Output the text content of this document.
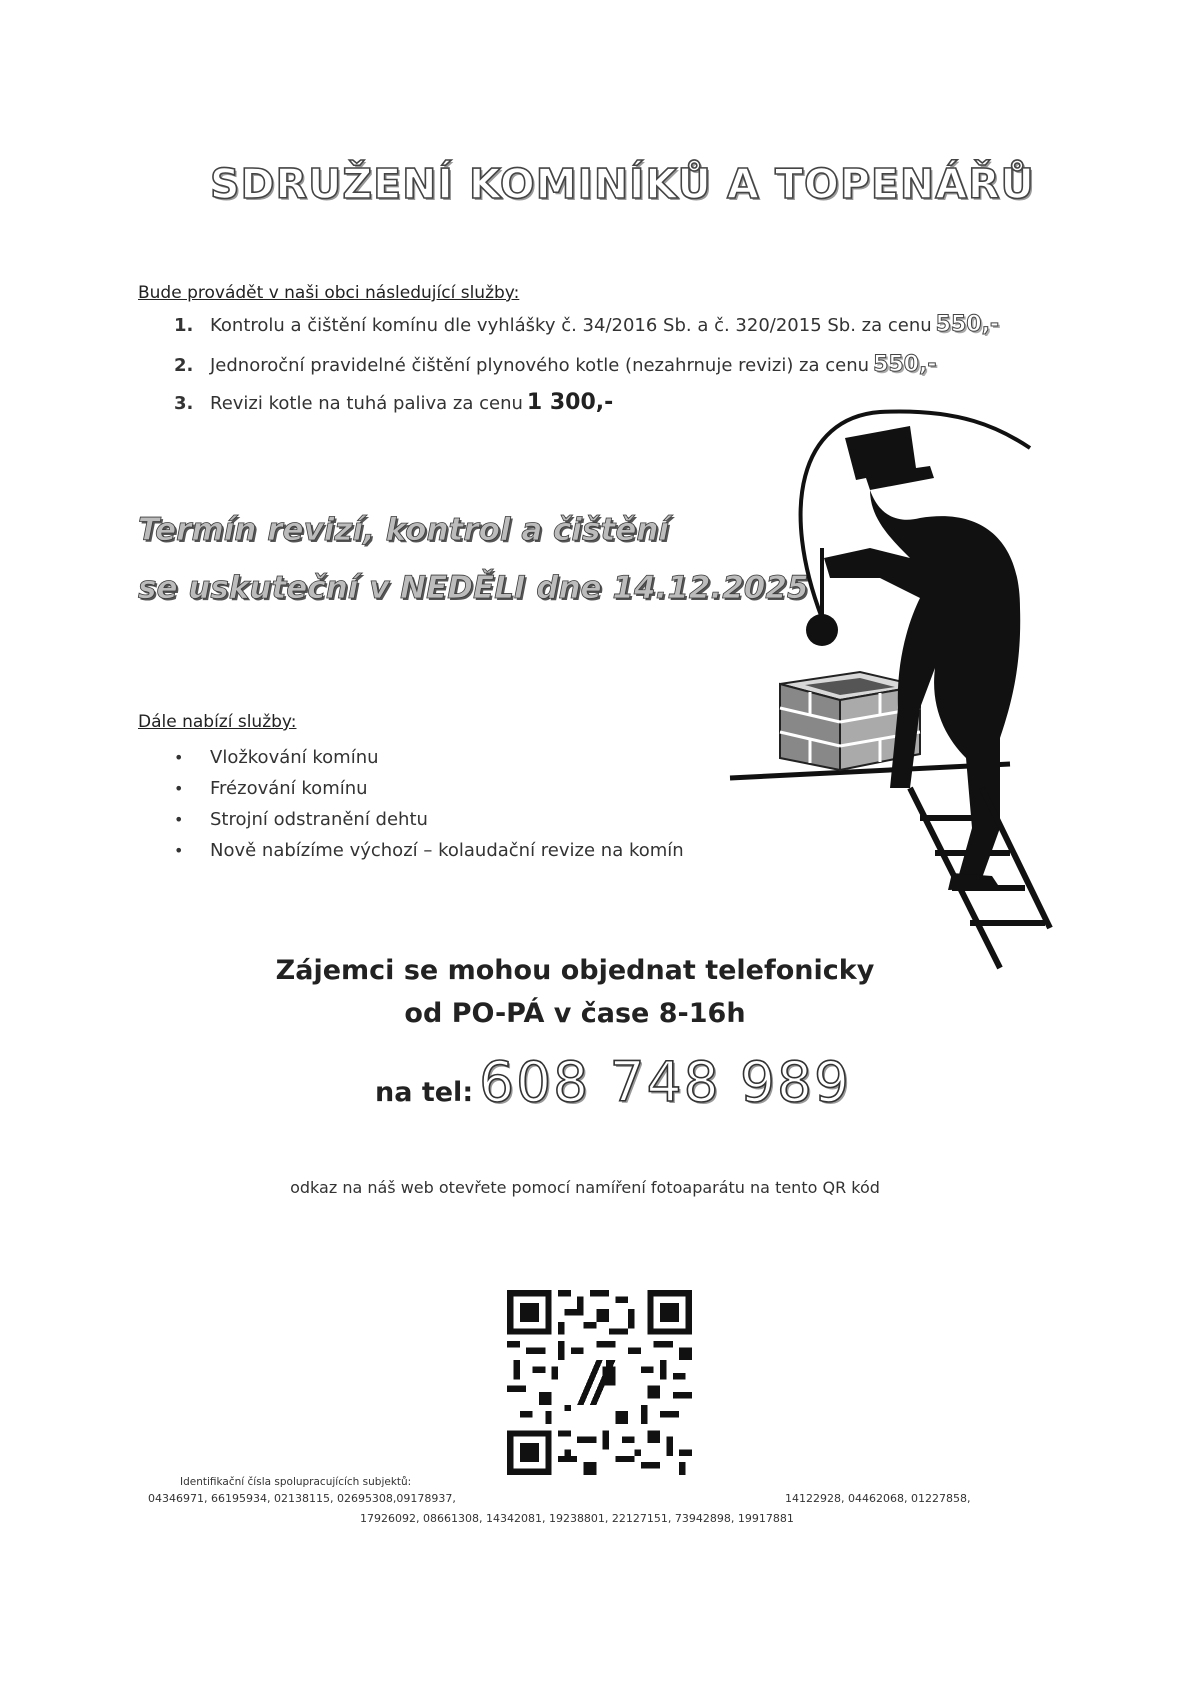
SDRUŽENÍ KOMINÍKŮ A TOPENÁŘŮ
Bude provádět v naši obci následující služby:
1. Kontrolu a čištění komínu dle vyhlášky č. 34/2016 Sb. a č. 320/2015 Sb. za cenu 550,-
2. Jednoroční pravidelné čištění plynového kotle (nezahrnuje revizi) za cenu 550,-
3. Revizi kotle na tuhá paliva za cenu 1 300,-
Termín revizí, kontrol a čištění
se uskuteční v NEDĚLI dne 14.12.2025
Dále nabízí služby:
• Vložkování komínu
• Frézování komínu
• Strojní odstranění dehtu
• Nově nabízíme výchozí – kolaudační revize na komín
Zájemci se mohou objednat telefonicky
od PO-PÁ v čase 8-16h
na tel: 608 748 989
odkaz na náš web otevřete pomocí namíření fotoaparátu na tento QR kód
Identifikační čísla spolupracujících subjektů:
04346971, 66195934, 02138115, 02695308,09178937,	14122928, 04462068, 01227858,
17926092, 08661308, 14342081, 19238801, 22127151, 73942898, 19917881
